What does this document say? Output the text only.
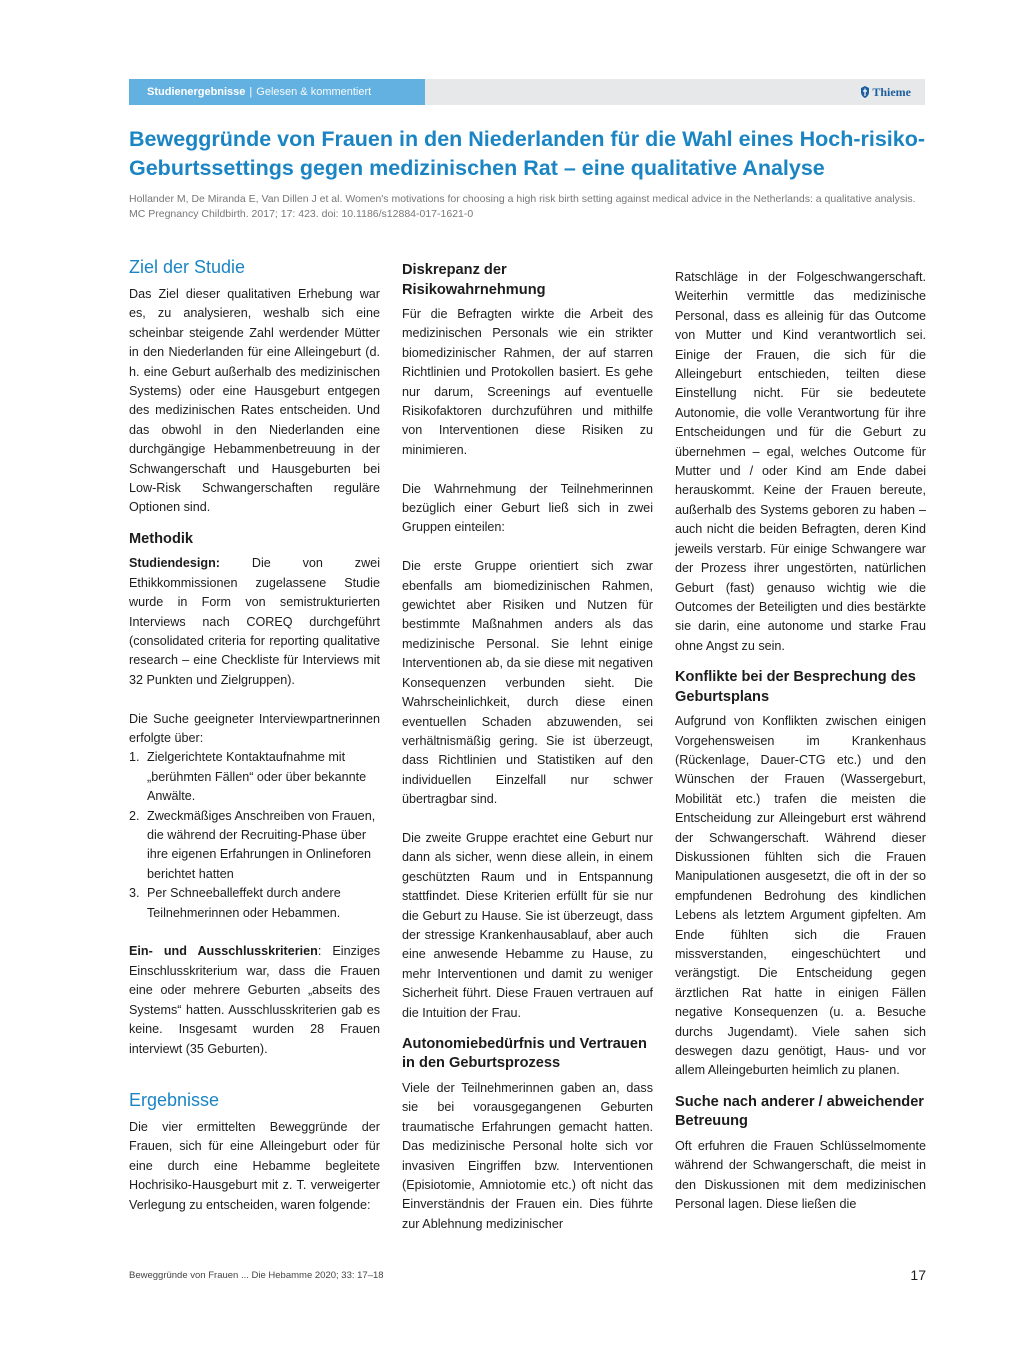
Studienergebnisse | Gelesen & kommentiert	Thieme
Beweggründe von Frauen in den Niederlanden für die Wahl eines Hoch-risiko-Geburtssettings gegen medizinischen Rat – eine qualitative Analyse

Hollander M, De Miranda E, Van Dillen J et al. Women's motivations for choosing a high risk birth setting against medical advice in the Netherlands: a qualitative analysis. MC Pregnancy Childbirth. 2017; 17: 423. doi: 10.1186/s12884-017-1621-0

Ziel der Studie

Das Ziel dieser qualitativen Erhebung war es, zu analysieren, weshalb sich eine scheinbar steigende Zahl werdender Mütter in den Niederlanden für eine Alleingeburt (d. h. eine Geburt außerhalb des medizinischen Systems) oder eine Hausgeburt entgegen des medizinischen Rates entscheiden. Und das obwohl in den Niederlanden eine durchgängige Hebammenbetreuung in der Schwangerschaft und Hausgeburten bei Low-Risk Schwangerschaften reguläre Optionen sind.

Methodik

Studiendesign: Die von zwei Ethikkommissionen zugelassene Studie wurde in Form von semistrukturierten Interviews nach COREQ durchgeführt (consolidated criteria for reporting qualitative research – eine Checkliste für Interviews mit 32 Punkten und Zielgruppen).

Die Suche geeigneter Interviewpartnerinnen erfolgte über:

1. Zielgerichtete Kontaktaufnahme mit „berühmten Fällen“ oder über bekannte Anwälte.
2. Zweckmäßiges Anschreiben von Frauen, die während der Recruiting-Phase über ihre eigenen Erfahrungen in Onlineforen berichtet hatten
3. Per Schneeballeffekt durch andere Teilnehmerinnen oder Hebammen.

Ein- und Ausschlusskriterien: Einziges Einschlusskriterium war, dass die Frauen eine oder mehrere Geburten „abseits des Systems“ hatten. Ausschlusskriterien gab es keine. Insgesamt wurden 28 Frauen interviewt (35 Geburten).

Ergebnisse

Die vier ermittelten Beweggründe der Frauen, sich für eine Alleingeburt oder für eine durch eine Hebamme begleitete Hochrisiko-Hausgeburt mit z. T. verweigerter Verlegung zu entscheiden, waren folgende:

Diskrepanz der Risikowahrnehmung

Für die Befragten wirkte die Arbeit des medizinischen Personals wie ein strikter biomedizinischer Rahmen, der auf starren Richtlinien und Protokollen basiert. Es gehe nur darum, Screenings auf eventuelle Risikofaktoren durchzuführen und mithilfe von Interventionen diese Risiken zu minimieren.

Die Wahrnehmung der Teilnehmerinnen bezüglich einer Geburt ließ sich in zwei Gruppen einteilen:

Die erste Gruppe orientiert sich zwar ebenfalls am biomedizinischen Rahmen, gewichtet aber Risiken und Nutzen für bestimmte Maßnahmen anders als das medizinische Personal. Sie lehnt einige Interventionen ab, da sie diese mit negativen Konsequenzen verbunden sieht. Die Wahrscheinlichkeit, durch diese einen eventuellen Schaden abzuwenden, sei verhältnismäßig gering. Sie ist überzeugt, dass Richtlinien und Statistiken auf den individuellen Einzelfall nur schwer übertragbar sind.

Die zweite Gruppe erachtet eine Geburt nur dann als sicher, wenn diese allein, in einem geschützten Raum und in Entspannung stattfindet. Diese Kriterien erfüllt für sie nur die Geburt zu Hause. Sie ist überzeugt, dass der stressige Krankenhausablauf, aber auch eine anwesende Hebamme zu Hause, zu mehr Interventionen und damit zu weniger Sicherheit führt. Diese Frauen vertrauen auf die Intuition der Frau.

Autonomiebedürfnis und Vertrauen in den Geburtsprozess

Viele der Teilnehmerinnen gaben an, dass sie bei vorausgegangenen Geburten traumatische Erfahrungen gemacht hatten. Das medizinische Personal holte sich vor invasiven Eingriffen bzw. Interventionen (Episiotomie, Amniotomie etc.) oft nicht das Einverständnis der Frauen ein. Dies führte zur Ablehnung medizinischer

Ratschläge in der Folgeschwangerschaft. Weiterhin vermittle das medizinische Personal, dass es alleinig für das Outcome von Mutter und Kind verantwortlich sei. Einige der Frauen, die sich für die Alleingeburt entschieden, teilten diese Einstellung nicht. Für sie bedeutete Autonomie, die volle Verantwortung für ihre Entscheidungen und für die Geburt zu übernehmen – egal, welches Outcome für Mutter und / oder Kind am Ende dabei herauskommt. Keine der Frauen bereute, außerhalb des Systems geboren zu haben – auch nicht die beiden Befragten, deren Kind jeweils verstarb. Für einige Schwangere war der Prozess ihrer ungestörten, natürlichen Geburt (fast) genauso wichtig wie die Outcomes der Beteiligten und dies bestärkte sie darin, eine autonome und starke Frau ohne Angst zu sein.

Konflikte bei der Besprechung des Geburtsplans

Aufgrund von Konflikten zwischen einigen Vorgehensweisen im Krankenhaus (Rückenlage, Dauer-CTG etc.) und den Wünschen der Frauen (Wassergeburt, Mobilität etc.) trafen die meisten die Entscheidung zur Alleingeburt erst während der Schwangerschaft. Während dieser Diskussionen fühlten sich die Frauen Manipulationen ausgesetzt, die oft in der so empfundenen Bedrohung des kindlichen Lebens als letztem Argument gipfelten. Am Ende fühlten sich die Frauen missverstanden, eingeschüchtert und verängstigt. Die Entscheidung gegen ärztlichen Rat hatte in einigen Fällen negative Konsequenzen (u. a. Besuche durchs Jugendamt). Viele sahen sich deswegen dazu genötigt, Haus- und vor allem Alleingeburten heimlich zu planen.

Suche nach anderer / abweichender Betreuung

Oft erfuhren die Frauen Schlüsselmomente während der Schwangerschaft, die meist in den Diskussionen mit dem medizinischen Personal lagen. Diese ließen die

Beweggründe von Frauen ... Die Hebamme 2020; 33: 17–18	17
